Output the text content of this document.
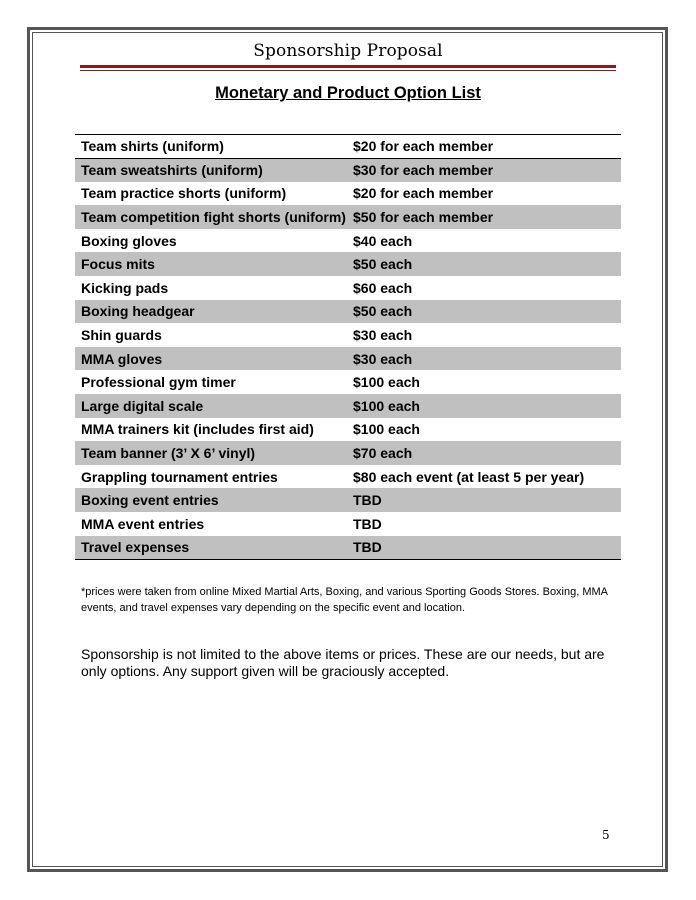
Sponsorship Proposal
Monetary and Product Option List
Team shirts (uniform)	$20 for each member
Team sweatshirts (uniform)	$30 for each member
Team practice shorts (uniform)	$20 for each member
Team competition fight shorts (uniform)	$50 for each member
Boxing gloves	$40 each
Focus mits	$50 each
Kicking pads	$60 each
Boxing headgear	$50 each
Shin guards	$30 each
MMA gloves	$30 each
Professional gym timer	$100 each
Large digital scale	$100 each
MMA trainers kit (includes first aid)	$100 each
Team banner (3’ X 6’ vinyl)	$70 each
Grappling tournament entries	$80 each event (at least 5 per year)
Boxing event entries	TBD
MMA event entries	TBD
Travel expenses	TBD
*prices were taken from online Mixed Martial Arts, Boxing, and various Sporting Goods Stores. Boxing, MMA events, and travel expenses vary depending on the specific event and location.
Sponsorship is not limited to the above items or prices. These are our needs, but are only options. Any support given will be graciously accepted.
5
